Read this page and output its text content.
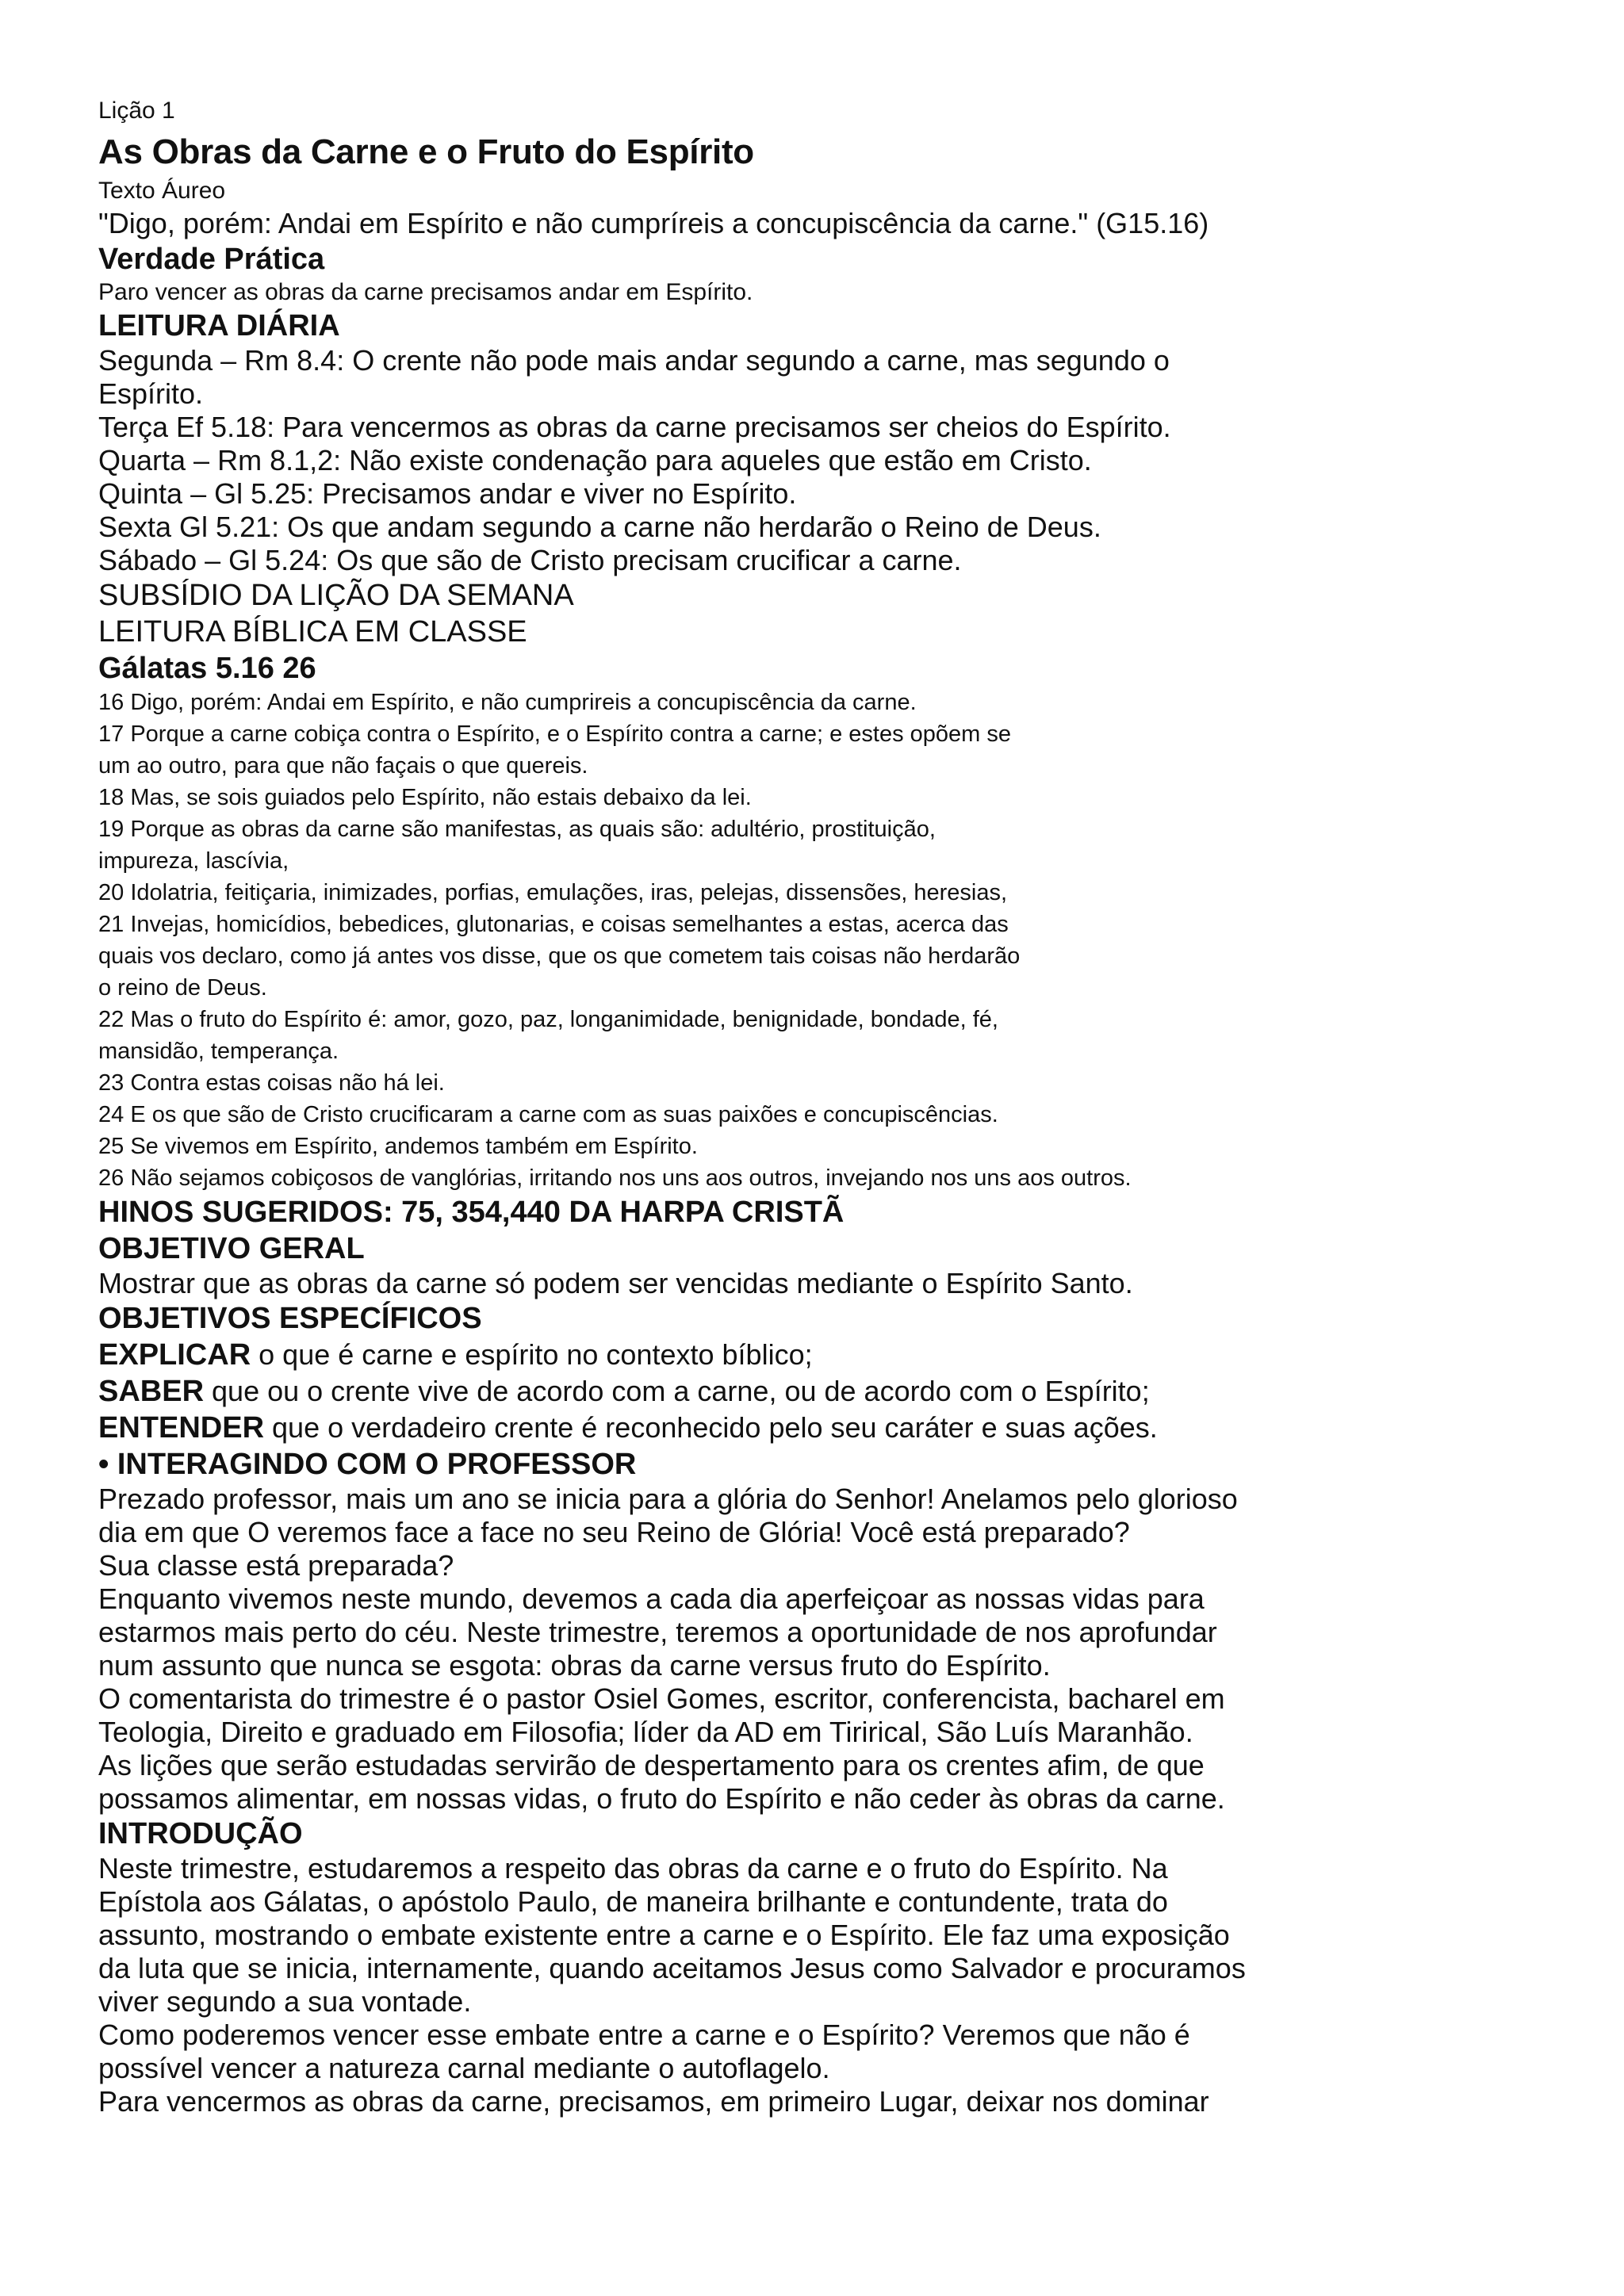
Lição 1
As Obras da Carne e o Fruto do Espírito
Texto Áureo
"Digo, porém: Andai em Espírito e não cumpríreis a concupiscência da carne." (G15.16)
Verdade Prática
Paro vencer as obras da carne precisamos andar em Espírito.
LEITURA DIÁRIA
Segunda – Rm 8.4: O crente não pode mais andar segundo a carne, mas segundo o
Espírito.
Terça Ef 5.18: Para vencermos as obras da carne precisamos ser cheios do Espírito.
Quarta – Rm 8.1,2: Não existe condenação para aqueles que estão em Cristo.
Quinta – Gl 5.25: Precisamos andar e viver no Espírito.
Sexta Gl 5.21: Os que andam segundo a carne não herdarão o Reino de Deus.
Sábado – Gl 5.24: Os que são de Cristo precisam crucificar a carne.
SUBSÍDIO DA LIÇÃO DA SEMANA
LEITURA BÍBLICA EM CLASSE
Gálatas 5.16 26
16 Digo, porém: Andai em Espírito, e não cumprireis a concupiscência da carne.
17 Porque a carne cobiça contra o Espírito, e o Espírito contra a carne; e estes opõem se
um ao outro, para que não façais o que quereis.
18 Mas, se sois guiados pelo Espírito, não estais debaixo da lei.
19 Porque as obras da carne são manifestas, as quais são: adultério, prostituição,
impureza, lascívia,
20 Idolatria, feitiçaria, inimizades, porfias, emulações, iras, pelejas, dissensões, heresias,
21 Invejas, homicídios, bebedices, glutonarias, e coisas semelhantes a estas, acerca das
quais vos declaro, como já antes vos disse, que os que cometem tais coisas não herdarão
o reino de Deus.
22 Mas o fruto do Espírito é: amor, gozo, paz, longanimidade, benignidade, bondade, fé,
mansidão, temperança.
23 Contra estas coisas não há lei.
24 E os que são de Cristo crucificaram a carne com as suas paixões e concupiscências.
25 Se vivemos em Espírito, andemos também em Espírito.
26 Não sejamos cobiçosos de vanglórias, irritando nos uns aos outros, invejando nos uns aos outros.
HINOS SUGERIDOS: 75, 354,440 DA HARPA CRISTÃ
OBJETIVO GERAL
Mostrar que as obras da carne só podem ser vencidas mediante o Espírito Santo.
OBJETIVOS ESPECÍFICOS
EXPLICAR o que é carne e espírito no contexto bíblico;
SABER que ou o crente vive de acordo com a carne, ou de acordo com o Espírito;
ENTENDER que o verdadeiro crente é reconhecido pelo seu caráter e suas ações.
• INTERAGINDO COM O PROFESSOR
Prezado professor, mais um ano se inicia para a glória do Senhor! Anelamos pelo glorioso
dia em que O veremos face a face no seu Reino de Glória! Você está preparado?
Sua classe está preparada?
Enquanto vivemos neste mundo, devemos a cada dia aperfeiçoar as nossas vidas para
estarmos mais perto do céu. Neste trimestre, teremos a oportunidade de nos aprofundar
num assunto que nunca se esgota: obras da carne versus fruto do Espírito.
O comentarista do trimestre é o pastor Osiel Gomes, escritor, conferencista, bacharel em
Teologia, Direito e graduado em Filosofia; líder da AD em Tirirical, São Luís Maranhão.
As lições que serão estudadas servirão de despertamento para os crentes afim, de que
possamos alimentar, em nossas vidas, o fruto do Espírito e não ceder às obras da carne.
INTRODUÇÃO
Neste trimestre, estudaremos a respeito das obras da carne e o fruto do Espírito. Na
Epístola aos Gálatas, o apóstolo Paulo, de maneira brilhante e contundente, trata do
assunto, mostrando o embate existente entre a carne e o Espírito. Ele faz uma exposição
da luta que se inicia, internamente, quando aceitamos Jesus como Salvador e procuramos
viver segundo a sua vontade.
Como poderemos vencer esse embate entre a carne e o Espírito? Veremos que não é
possível vencer a natureza carnal mediante o autoflagelo.
Para vencermos as obras da carne, precisamos, em primeiro Lugar, deixar nos dominar
